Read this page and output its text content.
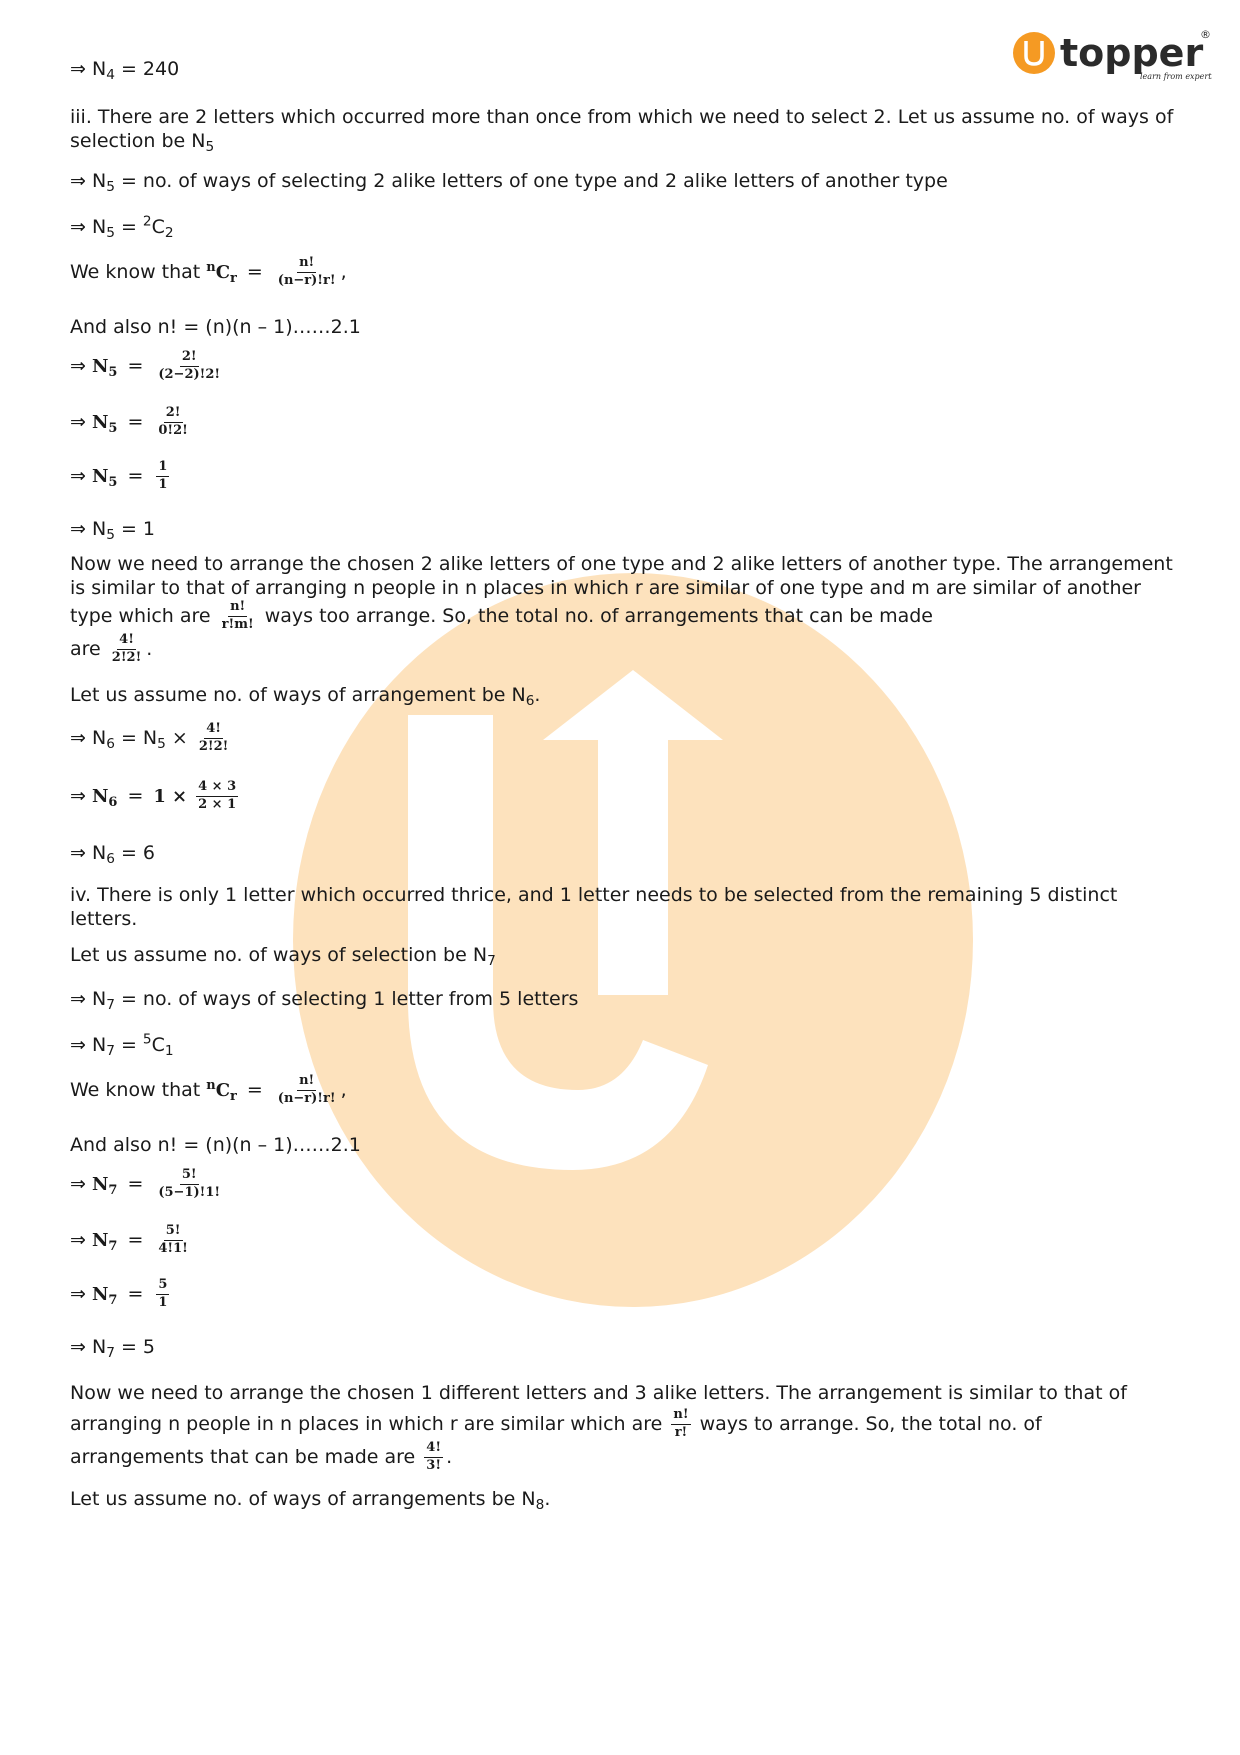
topper
®
learn from experts

⇒ $N_4 = 240$

iii. There are 2 letters which occurred more than once from which we need to select 2. Let us assume no. of ways of selection be $N_5$

⇒ $N_5$ = no. of ways of selecting 2 alike letters of one type and 2 alike letters of another type

⇒ $N_5 = ^2C_2$

We know that $^nC_r = \frac{n!}{(n-r)!r!}$ ,

And also n! = (n)(n – 1)……2.1

⇒ $N_5 = \frac{2!}{(2-2)!2!}$

⇒ $N_5 = \frac{2!}{0!2!}$

⇒ $N_5 = \frac{1}{1}$

⇒ $N_5 = 1$

Now we need to arrange the chosen 2 alike letters of one type and 2 alike letters of another type. The arrangement is similar to that of arranging n people in n places in which r are similar of one type and m are similar of another type which are $\frac{n!}{r!m!}$ ways too arrange. So, the total no. of arrangements that can be made
are $\frac{4!}{2!2!}$ .

Let us assume no. of ways of arrangement be $N_6$.

⇒ $N_6 = N_5 \times \frac{4!}{2!2!}$

⇒ $N_6 = 1 \times \frac{4 \times 3}{2 \times 1}$

⇒ $N_6 = 6$

iv. There is only 1 letter which occurred thrice, and 1 letter needs to be selected from the remaining 5 distinct letters.

Let us assume no. of ways of selection be $N_7$

⇒ $N_7$ = no. of ways of selecting 1 letter from 5 letters

⇒ $N_7 = ^5C_1$

We know that $^nC_r = \frac{n!}{(n-r)!r!}$ ,

And also n! = (n)(n – 1)……2.1

⇒ $N_7 = \frac{5!}{(5-1)!1!}$

⇒ $N_7 = \frac{5!}{4!1!}$

⇒ $N_7 = \frac{5}{1}$

⇒ $N_7 = 5$

Now we need to arrange the chosen 1 different letters and 3 alike letters. The arrangement is similar to that of arranging n people in n places in which r are similar which are $\frac{n!}{r!}$ ways to arrange. So, the total no. of arrangements that can be made are $\frac{4!}{3!}$ .

Let us assume no. of ways of arrangements be $N_8$.
